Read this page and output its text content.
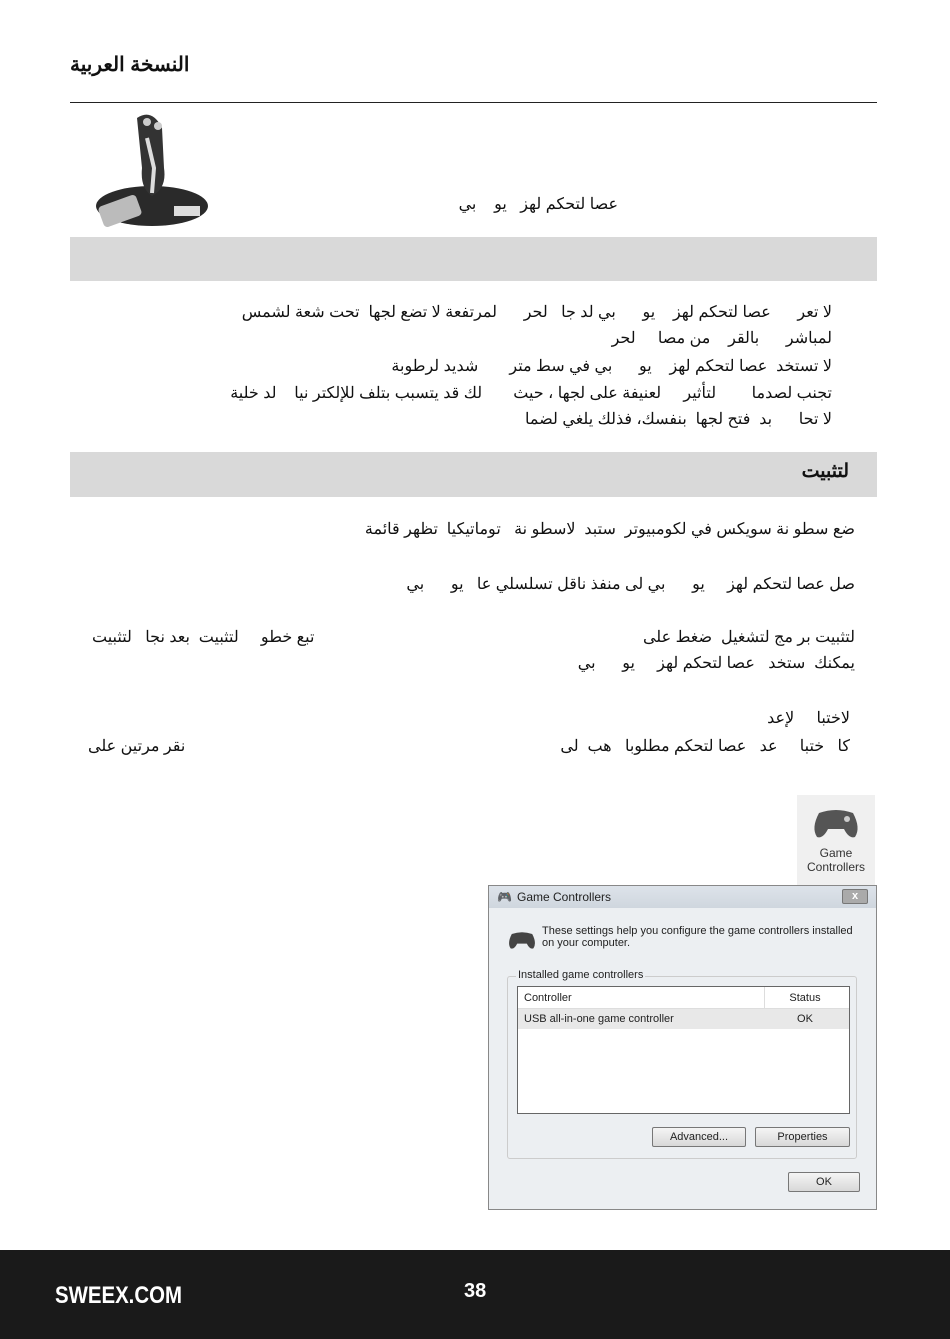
النسخة العربية
عصا لتحكم لهز   يو    بي
لا تعر      عصا لتحكم لهز    يو      بي لد جا   لحر      لمرتفعة لا تضع لجها  تحت شعة لشمس
لمباشر      بالقر    من مصا     لحر
لا تستخد  عصا لتحكم لهز    يو      بي في سط متر       شديد لرطوبة
تجنب لصدما        لتأثير     لعنيفة على لجها ، حيث       لك قد يتسبب بتلف للإلكتر نيا    لد خلية
لا تحا      بد  فتح لجها  بنفسك، فذلك يلغي لضما
لتثبيت
ضع سطو نة سويكس في لكومبيوتر  ستبد  لاسطو نة   توماتيكيا  تظهر قائمة
صل عصا لتحكم لهز     يو      بي لى منفذ ناقل تسلسلي عا   يو      بي
لتثبيت بر مج لتشغيل  ضغط على
تبع خطو     لتثبيت  بعد نجا   لتثبيت
يمكنك  ستخد   عصا لتحكم لهز     يو      بي
لاختبا     لإعد
كا   ختبا     عد   عصا لتحكم مطلوبا   هب  لى
نقر مرتين على
Game
Controllers
🎮 Game Controllers	x
These settings help you configure the game controllers installed on your computer.
Installed game controllers
Controller	Status
USB all-in-one game controller	OK
Advanced...	Properties
OK
SWEEX.COM	38
